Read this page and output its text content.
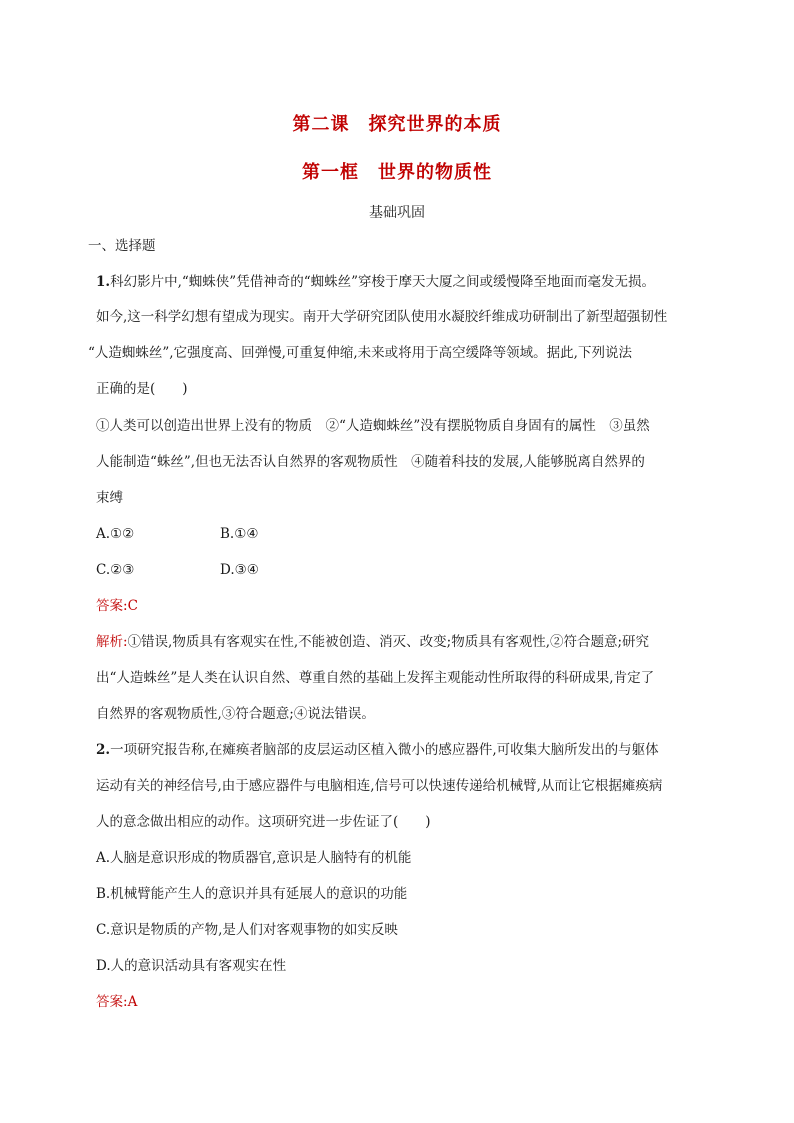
第二课　探究世界的本质
第一框　世界的物质性
基础巩固
一、选择题
1.科幻影片中,“蜘蛛侠”凭借神奇的“蜘蛛丝”穿梭于摩天大厦之间或缓慢降至地面而毫发无损。
如今,这一科学幻想有望成为现实。南开大学研究团队使用水凝胶纤维成功研制出了新型超强韧性
“人造蜘蛛丝”,它强度高、回弹慢,可重复伸缩,未来或将用于高空缓降等领域。据此,下列说法
正确的是(　　)
①人类可以创造出世界上没有的物质　②“人造蜘蛛丝”没有摆脱物质自身固有的属性　③虽然
人能制造“蛛丝”,但也无法否认自然界的客观物质性　④随着科技的发展,人能够脱离自然界的
束缚
A.①②	B.①④
C.②③	D.③④
答案:C
解析:①错误,物质具有客观实在性,不能被创造、消灭、改变;物质具有客观性,②符合题意;研究
出“人造蛛丝”是人类在认识自然、尊重自然的基础上发挥主观能动性所取得的科研成果,肯定了
自然界的客观物质性,③符合题意;④说法错误。
2.一项研究报告称,在瘫痪者脑部的皮层运动区植入微小的感应器件,可收集大脑所发出的与躯体
运动有关的神经信号,由于感应器件与电脑相连,信号可以快速传递给机械臂,从而让它根据瘫痪病
人的意念做出相应的动作。这项研究进一步佐证了(　　)
A.人脑是意识形成的物质器官,意识是人脑特有的机能
B.机械臂能产生人的意识并具有延展人的意识的功能
C.意识是物质的产物,是人们对客观事物的如实反映
D.人的意识活动具有客观实在性
答案:A
